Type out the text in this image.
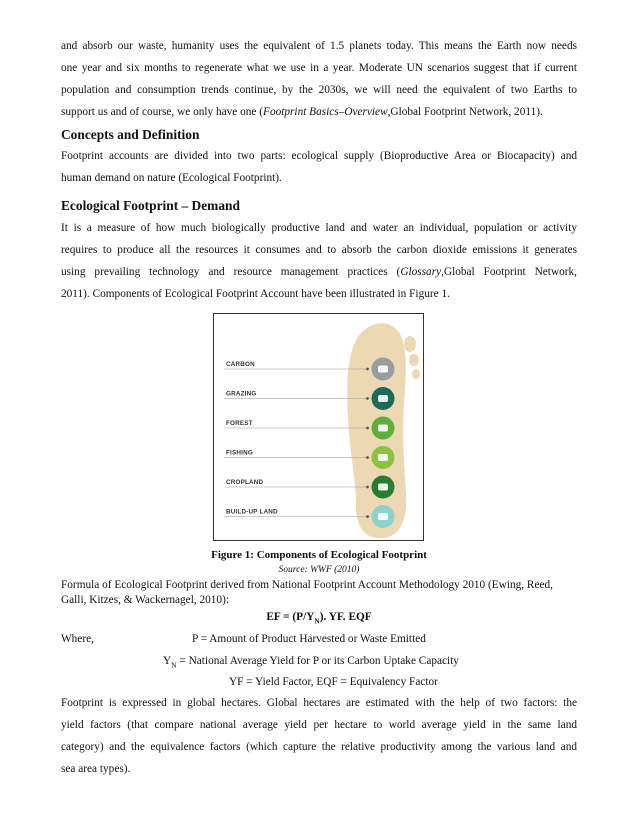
and absorb our waste, humanity uses the equivalent of 1.5 planets today. This means the Earth now needs
one year and six months to regenerate what we use in a year. Moderate UN scenarios suggest that if current
population and consumption trends continue, by the 2030s, we will need the equivalent of two Earths to
support us and of course, we only have one (Footprint Basics–Overview,Global Footprint Network, 2011).
Concepts and Definition
Footprint accounts are divided into two parts: ecological supply (Bioproductive Area or Biocapacity) and
human demand on nature (Ecological Footprint).
Ecological Footprint – Demand
It is a measure of how much biologically productive land and water an individual, population or activity
requires to produce all the resources it consumes and to absorb the carbon dioxide emissions it generates
using prevailing technology and resource management practices (Glossary,Global Footprint Network,
2011). Components of Ecological Footprint Account have been illustrated in Figure 1.
CARBON
GRAZING
FOREST
FISHING
CROPLAND
BUILD-UP LAND
Figure 1: Components of Ecological Footprint
Source: WWF (2010)
Formula of Ecological Footprint derived from National Footprint Account Methodology 2010 (Ewing, Reed,
Galli, Kitzes, & Wackernagel, 2010):
EF = $(P/Y_N)$. YF. EQF
Where,	P = Amount of Product Harvested or Waste Emitted
$Y_N$ = National Average Yield for P or its Carbon Uptake Capacity
YF = Yield Factor, EQF = Equivalency Factor
Footprint is expressed in global hectares. Global hectares are estimated with the help of two factors: the
yield factors (that compare national average yield per hectare to world average yield in the same land
category) and the equivalence factors (which capture the relative productivity among the various land and
sea area types).
